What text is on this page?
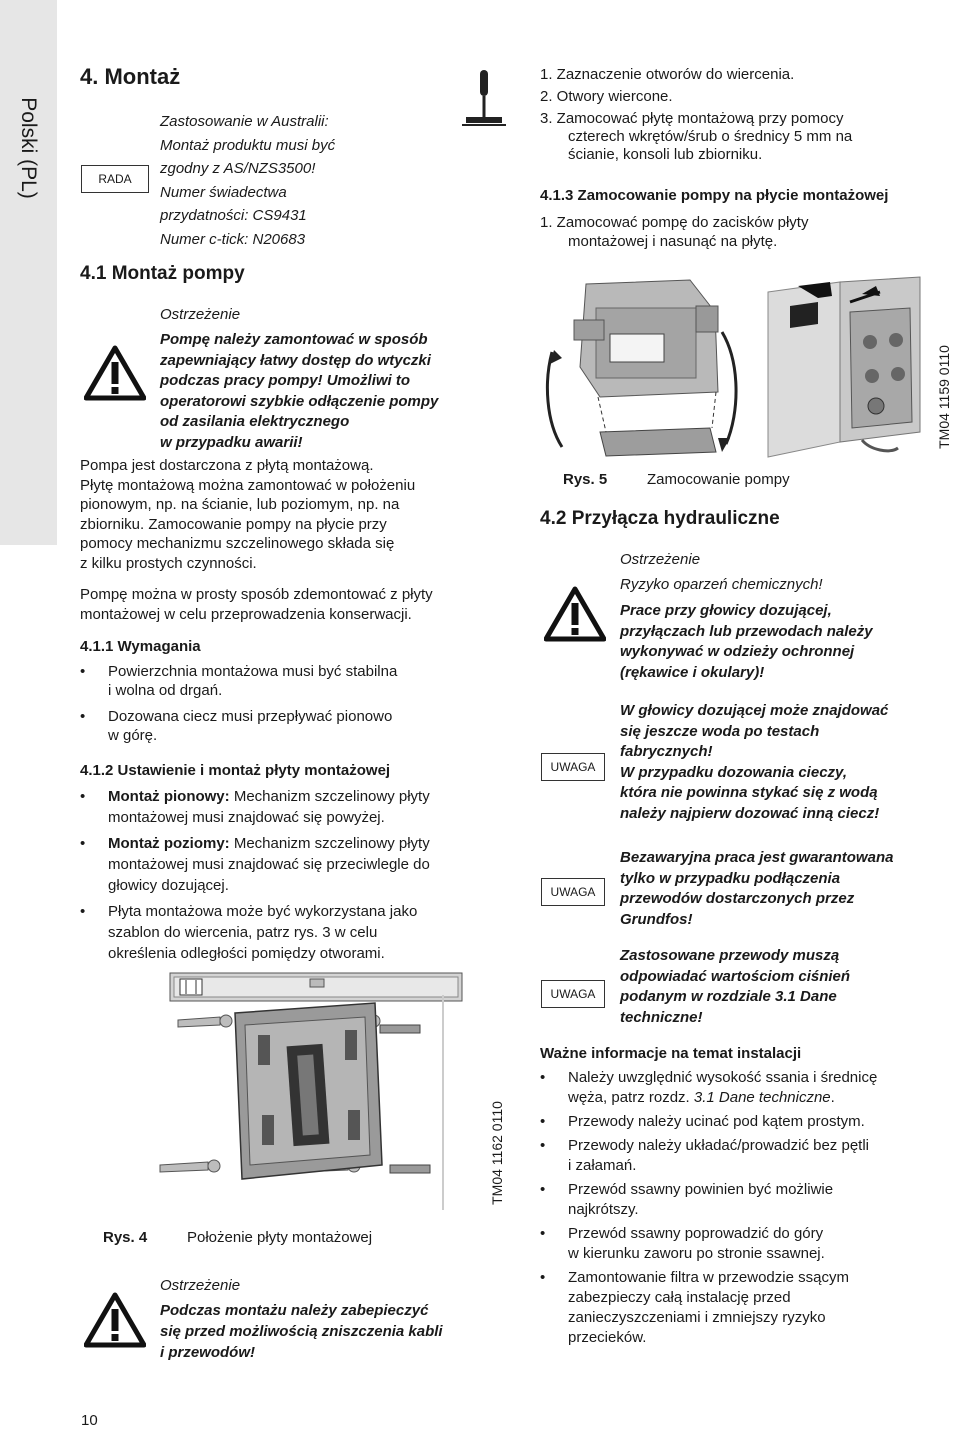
Polski (PL)
4. Montaż
RADA
Zastosowanie w Australii:
Montaż produktu musi być
zgodny z AS/NZS3500!
Numer świadectwa
przydatności: CS9431
Numer c-tick: N20683
4.1 Montaż pompy
Ostrzeżenie
Pompę należy zamontować w sposób
zapewniający łatwy dostęp do wtyczki
podczas pracy pompy! Umożliwi to
operatorowi szybkie odłączenie pompy
od zasilania elektrycznego
w przypadku awarii!
Pompa jest dostarczona z płytą montażową.
Płytę montażową można zamontować w położeniu
pionowym, np. na ścianie, lub poziomym, np. na
zbiorniku. Zamocowanie pompy na płycie przy
pomocy mechanizmu szczelinowego składa się
z kilku prostych czynności.
Pompę można w prosty sposób zdemontować z płyty
montażowej w celu przeprowadzenia konserwacji.
4.1.1 Wymagania
• Powierzchnia montażowa musi być stabilna
i wolna od drgań.
• Dozowana ciecz musi przepływać pionowo
w górę.
4.1.2 Ustawienie i montaż płyty montażowej
• Montaż pionowy: Mechanizm szczelinowy płyty
montażowej musi znajdować się powyżej.
• Montaż poziomy: Mechanizm szczelinowy płyty
montażowej musi znajdować się przeciwlegle do
głowicy dozującej.
• Płyta montażowa może być wykorzystana jako
szablon do wiercenia, patrz rys. 3 w celu
określenia odległości pomiędzy otworami.
TM04 1162 0110
Rys. 4	Położenie płyty montażowej
Ostrzeżenie
Podczas montażu należy zabepieczyć
się przed możliwością zniszczenia kabli
i przewodów!
10
1. Zaznaczenie otworów do wiercenia.
2. Otwory wiercone.
3. Zamocować płytę montażową przy pomocy
czterech wkrętów/śrub o średnicy 5 mm na
ścianie, konsoli lub zbiorniku.
4.1.3 Zamocowanie pompy na płycie montażowej
1. Zamocować pompę do zacisków płyty
montażowej i nasunąć na płytę.
TM04 1159 0110
Rys. 5	Zamocowanie pompy
4.2 Przyłącza hydrauliczne
Ostrzeżenie
Ryzyko oparzeń chemicznych!
Prace przy głowicy dozującej,
przyłączach lub przewodach należy
wykonywać w odzieży ochronnej
(rękawice i okulary)!
UWAGA
W głowicy dozującej może znajdować
się jeszcze woda po testach
fabrycznych!
W przypadku dozowania cieczy,
która nie powinna stykać się z wodą
należy najpierw dozować inną ciecz!
UWAGA
Bezawaryjna praca jest gwarantowana
tylko w przypadku podłączenia
przewodów dostarczonych przez
Grundfos!
UWAGA
Zastosowane przewody muszą
odpowiadać wartościom ciśnień
podanym w rozdziale 3.1 Dane
techniczne!
Ważne informacje na temat instalacji
• Należy uwzględnić wysokość ssania i średnicę
węża, patrz rozdz. 3.1 Dane techniczne.
• Przewody należy ucinać pod kątem prostym.
• Przewody należy układać/prowadzić bez pętli
i załamań.
• Przewód ssawny powinien być możliwie
najkrótszy.
• Przewód ssawny poprowadzić do góry
w kierunku zaworu po stronie ssawnej.
• Zamontowanie filtra w przewodzie ssącym
zabezpieczy całą instalację przed
zanieczyszczeniami i zmniejszy ryzyko
przecieków.
